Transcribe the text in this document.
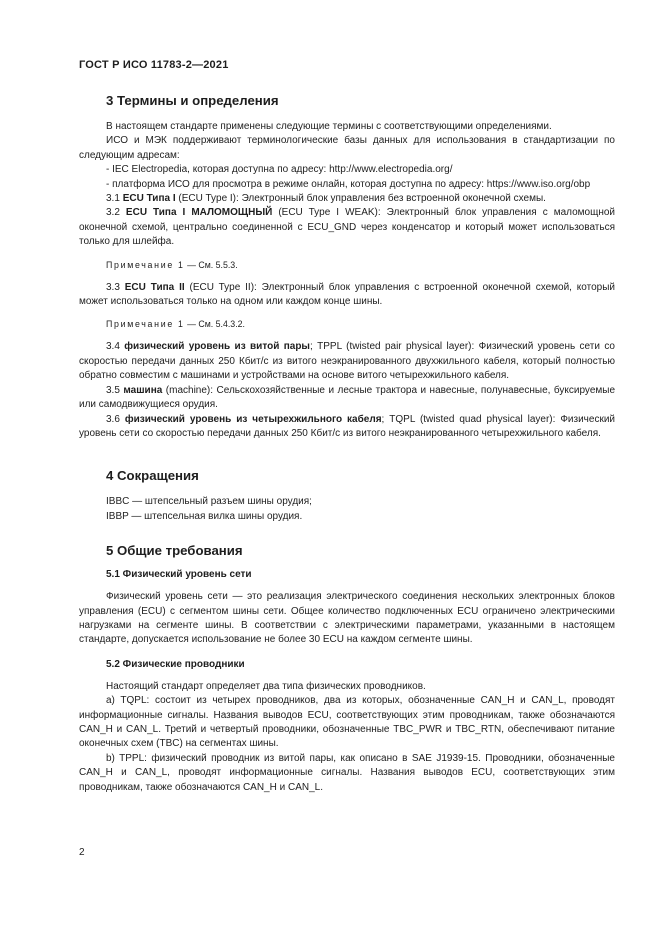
ГОСТ Р ИСО 11783-2—2021
3 Термины и определения

В настоящем стандарте применены следующие термины с соответствующими определениями.

ИСО и МЭК поддерживают терминологические базы данных для использования в стандартизации по следующим адресам:

- IEC Electropedia, которая доступна по адресу: http://www.electropedia.org/

- платформа ИСО для просмотра в режиме онлайн, которая доступна по адресу: https://www.iso.org/obp

3.1 ECU Типа I (ECU Type I): Электронный блок управления без встроенной оконечной схемы.

3.2 ECU Типа I МАЛОМОЩНЫЙ (ECU Type I WEAK): Электронный блок управления с маломощной оконечной схемой, центрально соединенной с ECU_GND через конденсатор и который может использоваться только для шлейфа.

Примечание 1 — См. 5.5.3.

3.3 ECU Типа II (ECU Type II): Электронный блок управления с встроенной оконечной схемой, который может использоваться только на одном или каждом конце шины.

Примечание 1 — См. 5.4.3.2.

3.4 физический уровень из витой пары; TPPL (twisted pair physical layer): Физический уровень сети со скоростью передачи данных 250 Кбит/с из витого неэкранированного двухжильного кабеля, который полностью обратно совместим с машинами и устройствами на основе витого четырехжильного кабеля.

3.5 машина (machine): Сельскохозяйственные и лесные трактора и навесные, полунавесные, буксируемые или самодвижущиеся орудия.

3.6 физический уровень из четырехжильного кабеля; TQPL (twisted quad physical layer): Физический уровень сети со скоростью передачи данных 250 Кбит/с из витого неэкранированного четырехжильного кабеля.

4 Сокращения

IBBC — штепсельный разъем шины орудия;

IBBP — штепсельная вилка шины орудия.

5 Общие требования
5.1 Физический уровень сети

Физический уровень сети — это реализация электрического соединения нескольких электронных блоков управления (ECU) с сегментом шины сети. Общее количество подключенных ECU ограничено электрическими нагрузками на сегменте шины. В соответствии с электрическими параметрами, указанными в настоящем стандарте, допускается использование не более 30 ECU на каждом сегменте шины.

5.2 Физические проводники

Настоящий стандарт определяет два типа физических проводников.

a) TQPL: состоит из четырех проводников, два из которых, обозначенные CAN_H и CAN_L, проводят информационные сигналы. Названия выводов ECU, соответствующих этим проводникам, также обозначаются CAN_H и CAN_L. Третий и четвертый проводники, обозначенные TBC_PWR и TBC_RTN, обеспечивают питание оконечных схем (TBC) на сегментах шины.

b) TPPL: физический проводник из витой пары, как описано в SAE J1939-15. Проводники, обозначенные CAN_H и CAN_L, проводят информационные сигналы. Названия выводов ECU, соответствующих этим проводникам, также обозначаются CAN_H и CAN_L.

2
